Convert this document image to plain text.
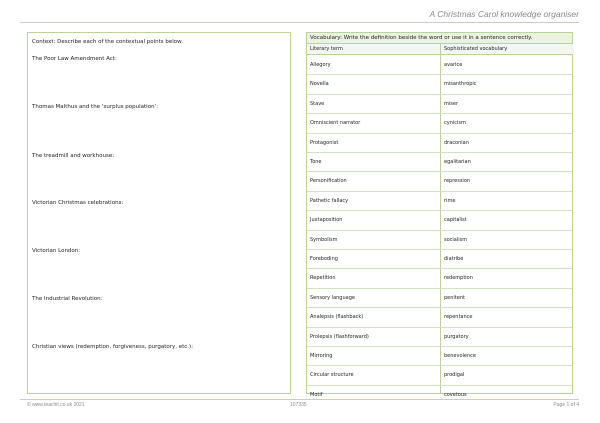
A Christmas Carol knowledge organiser
Context: Describe each of the contextual points below.
The Poor Law Amendment Act:
Thomas Malthus and the ‘surplus population’:
The treadmill and workhouse:
Victorian Christmas celebrations:
Victorian London:
The Industrial Revolution:
Christian views (redemption, forgiveness, purgatory, etc.):
Vocabulary: Write the definition beside the word or use it in a sentence correctly.
Literary term	Sophisticated vocabulary
Allegory	avarice
Novella	misanthropic
Stave	miser
Omniscient narrator	cynicism
Protagonist	draconian
Tone	egalitarian
Personification	repression
Pathetic fallacy	rime
Juxtaposition	capitalist
Symbolism	socialism
Foreboding	diatribe
Repetition	redemption
Sensory language	penitent
Analepsis (flashback)	repentance
Prolepsis (flashforward)	purgatory
Mirroring	benevolence
Circular structure	prodigal
Motif	covetous
© www.teachit.co.uk 2021	107335	Page 1 of 4
